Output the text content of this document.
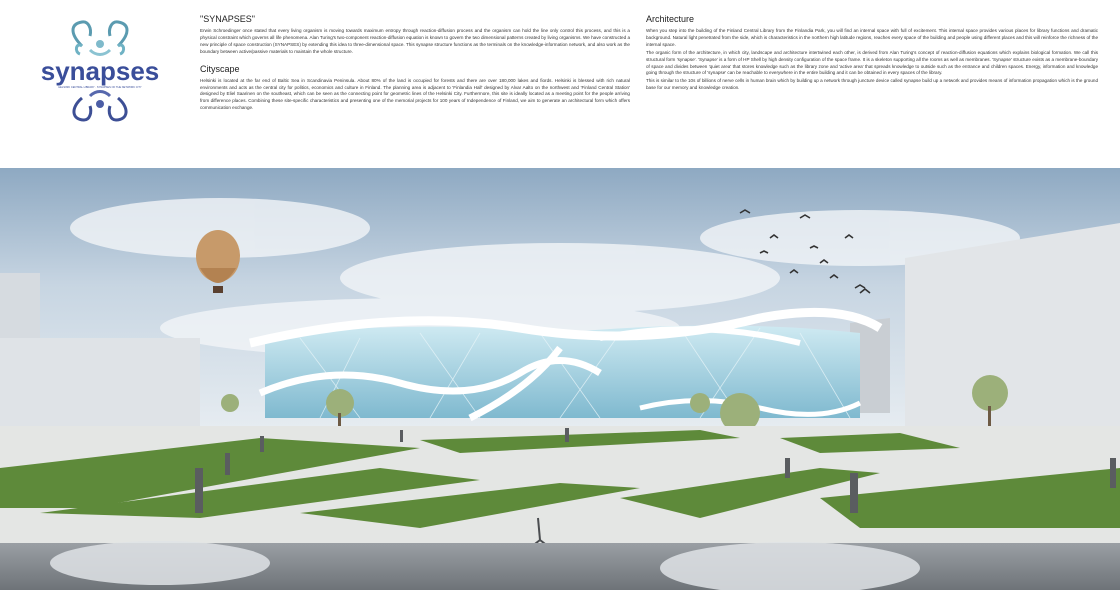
synapses
HELSINKI CENTRAL LIBRARY · SYNAPSES OF THE NETWORK CITY
"SYNAPSES"

Erwin Schroedinger once stated that every living organism is moving towards maximum entropy through reaction-diffusion process and the organism can hold the line only control this process, and this is a physical constraint which governs all life phenomena. Alan Turing's two-component reaction-diffusion equation is known to govern the two dimensional patterns created by living organisms. We have constructed a new principle of space construction (SYNAPSES) by extending this idea to three-dimensional space. This synapse structure functions as the terminals on the knowledge-information network, and also work as the boundary between active/passive materials to maintain the whole structure.

Cityscape

Helsinki is located at the far end of Baltic Sea in Scandinavia Peninsula. About 80% of the land is occupied for forests and there are over 180,000 lakes and fiords. Helsinki is blessed with rich natural environments and acts as the central city for politics, economics and culture in Finland. The planning area is adjacent to 'Finlandia Hall' designed by Alvar Aalto on the northwest and 'Finland Central Station' designed by Eliel Saarinen on the southeast, which can be seen as the connecting point for geometric lines of the Helsinki City. Furthermore, this site is ideally located as a meeting point for the people arriving from difference places. Combining these site-specific characteristics and presenting one of the memorial projects for 100 years of Independence of Finland, we aim to generate an architectural form which offers communication exchange.

Architecture

When you step into the building of the Finland Central Library from the Finlandia Park, you will find an internal space with full of excitement. This internal space provides various places for library functions and dramatic background. Natural light penetrated from the side, which is characteristics in the northern high latitude regions, reaches every space of the building and people using different places and this will reinforce the richness of the internal space.

The organic form of the architecture, in which city, landscape and architecture intertwined each other, is derived from Alan Turing's concept of reaction-diffusion equations which explains biological formation. We call this structural form 'synapse'. 'Synapse' is a form of HP Shell by high density configuration of the space frame. It is a skeleton supporting all the rooms as well as membranes. 'Synapse' structure exists as a membrane-boundary of space and divides between 'quiet area' that stores knowledge such as the library zone and 'active area' that spreads knowledge to outside such as the entrance and children spaces. Energy, information and knowledge going through the structure of 'synapse' can be reachable to everywhere in the entire building and it can be obtained in every spaces of the library.

This is similar to the 10s of billions of nerve cells in human brain which by building up a network through juncture device called synapse build up a network and provides means of information propagation which is the ground base for our memory and knowledge creation.
